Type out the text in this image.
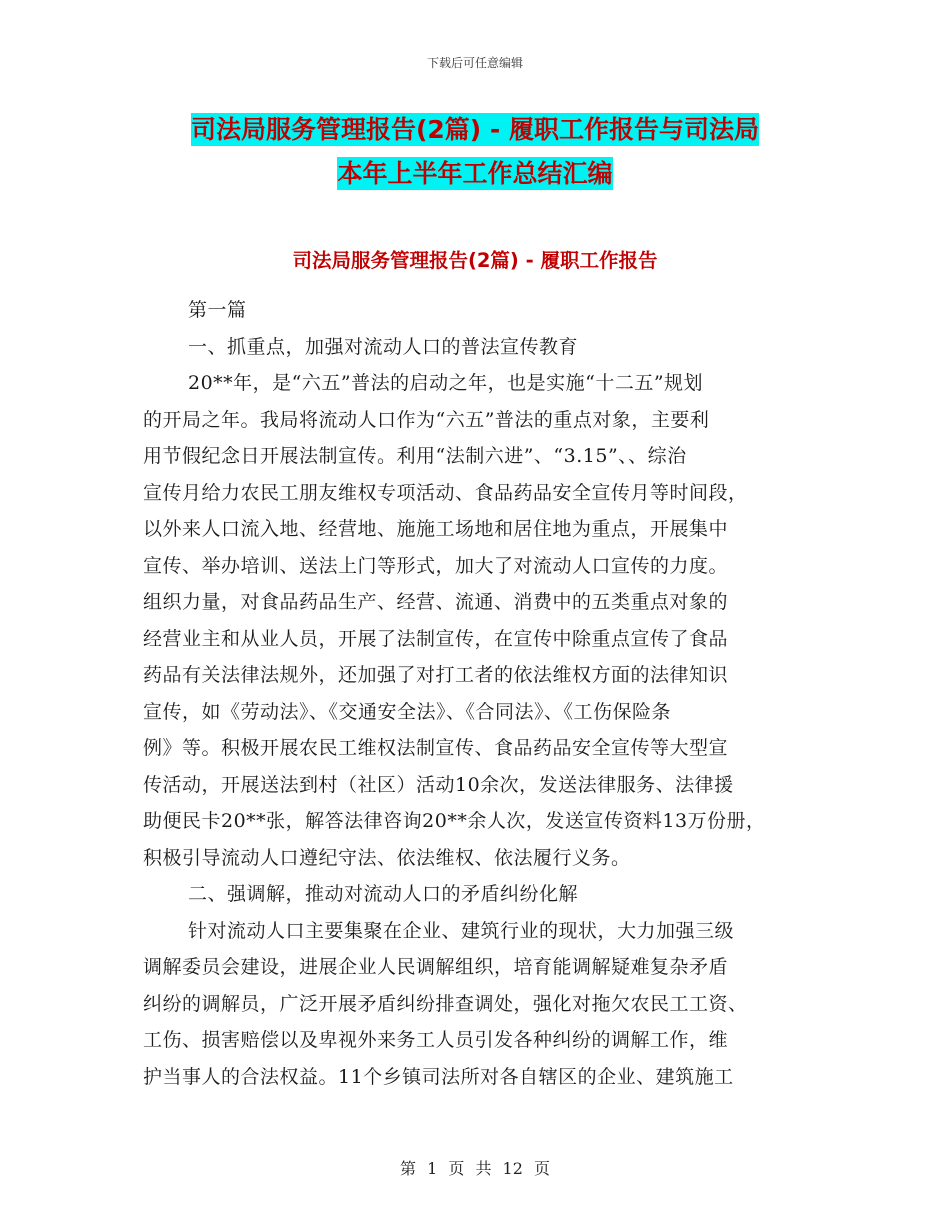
下载后可任意编辑
司法局服务管理报告(2篇) - 履职工作报告与司法局
本年上半年工作总结汇编
司法局服务管理报告(2篇) - 履职工作报告
第一篇
一、抓重点，加强对流动人口的普法宣传教育
20**年，是“六五”普法的启动之年，也是实施“十二五”规划
的开局之年。我局将流动人口作为“六五”普法的重点对象，主要利
用节假纪念日开展法制宣传。利用“法制六进”、“3.15”、、综治
宣传月给力农民工朋友维权专项活动、食品药品安全宣传月等时间段，
以外来人口流入地、经营地、施施工场地和居住地为重点，开展集中
宣传、举办培训、送法上门等形式，加大了对流动人口宣传的力度。
组织力量，对食品药品生产、经营、流通、消费中的五类重点对象的
经营业主和从业人员，开展了法制宣传，在宣传中除重点宣传了食品
药品有关法律法规外，还加强了对打工者的依法维权方面的法律知识
宣传，如《劳动法》、《交通安全法》、《合同法》、《工伤保险条
例》等。积极开展农民工维权法制宣传、食品药品安全宣传等大型宣
传活动，开展送法到村（社区）活动10余次，发送法律服务、法律援
助便民卡20**张，解答法律咨询20**余人次，发送宣传资料13万份册，
积极引导流动人口遵纪守法、依法维权、依法履行义务。
二、强调解，推动对流动人口的矛盾纠纷化解
针对流动人口主要集聚在企业、建筑行业的现状，大力加强三级
调解委员会建设，进展企业人民调解组织，培育能调解疑难复杂矛盾
纠纷的调解员，广泛开展矛盾纠纷排查调处，强化对拖欠农民工工资、
工伤、损害赔偿以及卑视外来务工人员引发各种纠纷的调解工作，维
护当事人的合法权益。11个乡镇司法所对各自辖区的企业、建筑施工
第 1 页 共 12 页
